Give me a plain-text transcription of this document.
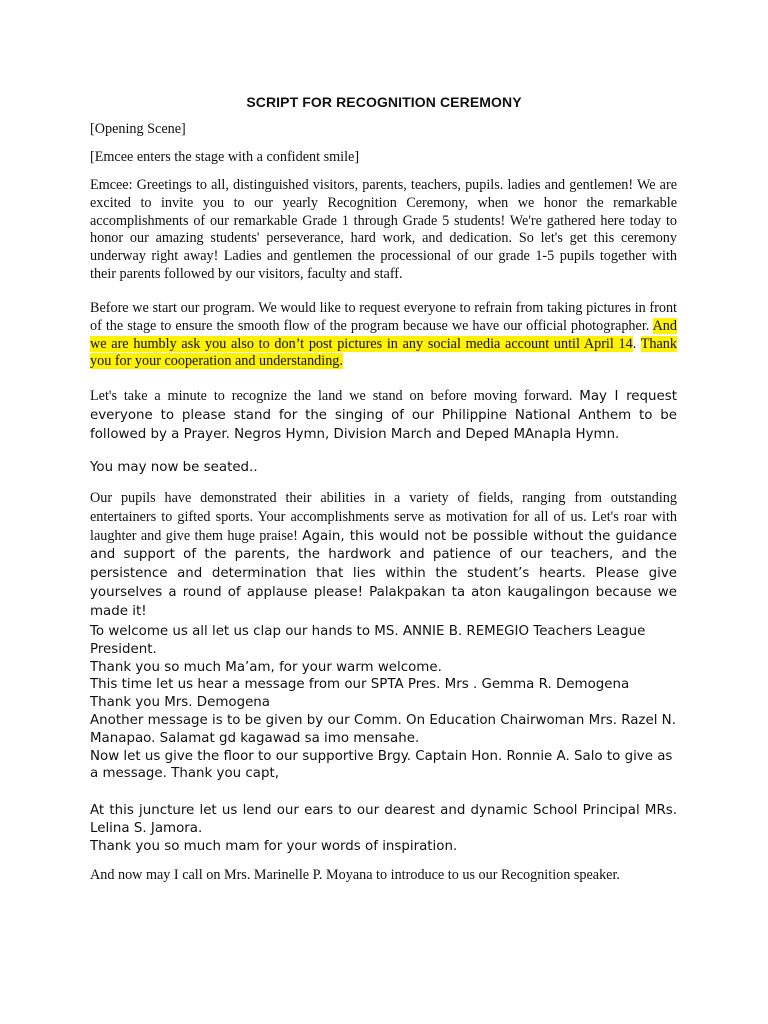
SCRIPT FOR RECOGNITION CEREMONY

[Opening Scene]

[Emcee enters the stage with a confident smile]

Emcee: Greetings to all, distinguished visitors, parents, teachers, pupils. ladies and gentlemen! We are excited to invite you to our yearly Recognition Ceremony, when we honor the remarkable accomplishments of our remarkable Grade 1 through Grade 5 students! We're gathered here today to honor our amazing students' perseverance, hard work, and dedication. So let's get this ceremony underway right away! Ladies and gentlemen the processional of our grade 1-5 pupils together with their parents followed by our visitors, faculty and staff.

Before we start our program. We would like to request everyone to refrain from taking pictures in front of the stage to ensure the smooth flow of the program because we have our official photographer. And we are humbly ask you also to don’t post pictures in any social media account until April 14. Thank you for your cooperation and understanding.

Let's take a minute to recognize the land we stand on before moving forward. May I request everyone to please stand for the singing of our Philippine National Anthem to be followed by a Prayer. Negros Hymn, Division March and Deped MAnapla Hymn.

You may now be seated..

Our pupils have demonstrated their abilities in a variety of fields, ranging from outstanding entertainers to gifted sports. Your accomplishments serve as motivation for all of us. Let's roar with laughter and give them huge praise! Again, this would not be possible without the guidance and support of the parents, the hardwork and patience of our teachers, and the persistence and determination that lies within the student’s hearts. Please give yourselves a round of applause please! Palakpakan ta aton kaugalingon because we made it!

To welcome us all let us clap our hands to MS. ANNIE B. REMEGIO Teachers League President.
Thank you so much Ma’am, for your warm welcome.
This time let us hear a message from our SPTA Pres. Mrs . Gemma R. Demogena
Thank you Mrs. Demogena
Another message is to be given by our Comm. On Education Chairwoman Mrs. Razel N. Manapao. Salamat gd kagawad sa imo mensahe.
Now let us give the floor to our supportive Brgy. Captain Hon. Ronnie A. Salo to give as a message. Thank you capt,
At this juncture let us lend our ears to our dearest and dynamic School Principal MRs. Lelina S. Jamora.
Thank you so much mam for your words of inspiration.

And now may I call on Mrs. Marinelle P. Moyana to introduce to us our Recognition speaker.
